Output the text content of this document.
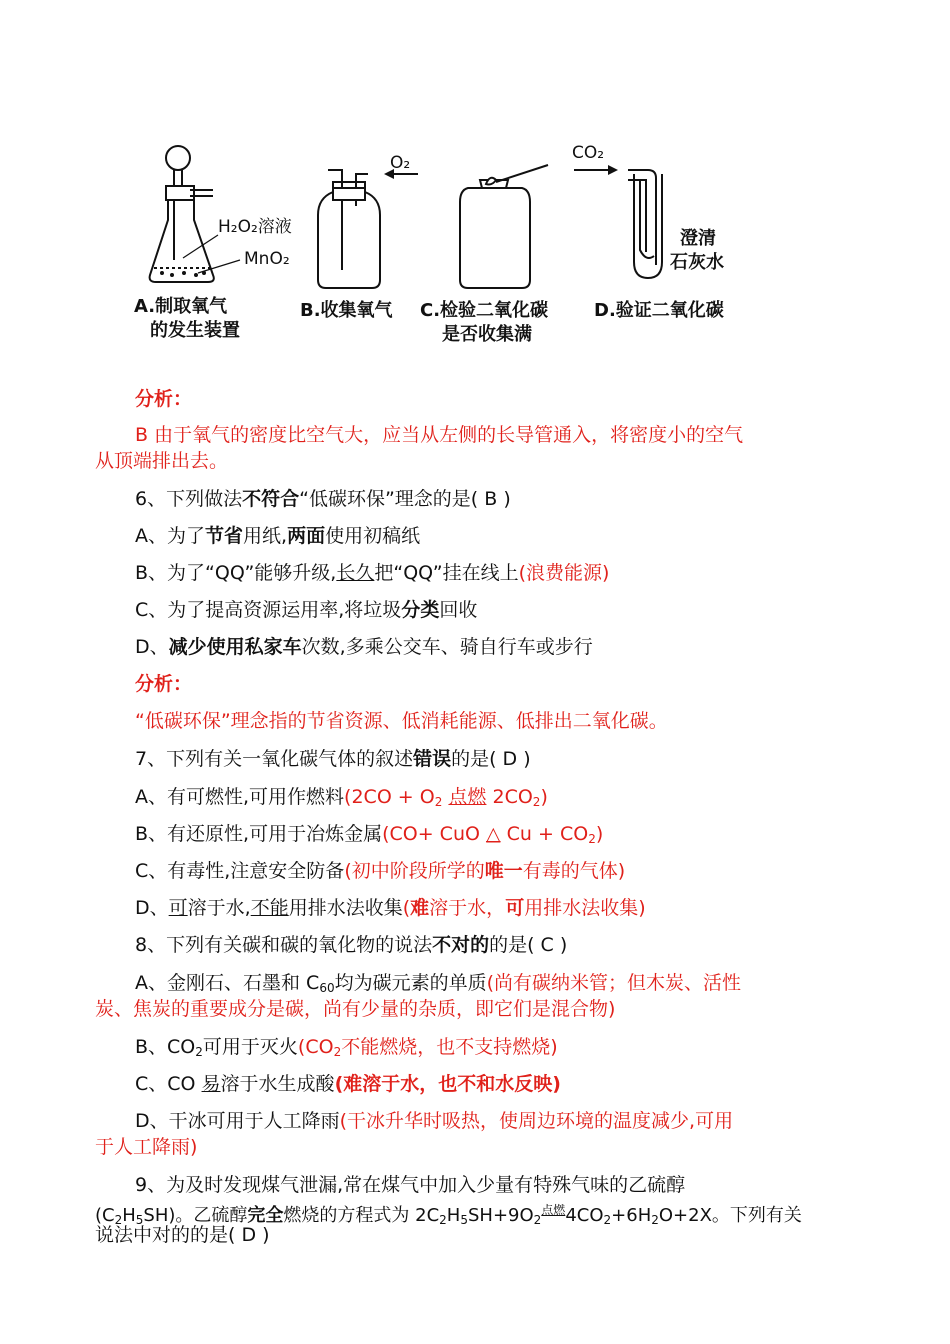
H₂O₂溶液
MnO₂
O₂	CO₂
澄清
石灰水
A.制取氧气
的发生装置
B.收集氧气 C.检验二氧化碳
是否收集满
D.验证二氧化碳
分析：
B 由于氧气的密度比空气大，应当从左侧的长导管通入，将密度小的空气
从顶端排出去。
6、下列做法不符合“低碳环保”理念的是( B )
A、为了节省用纸,两面使用初稿纸
B、为了“QQ”能够升级,长久把“QQ”挂在线上(浪费能源)
C、为了提高资源运用率,将垃圾分类回收
D、减少使用私家车次数,多乘公交车、骑自行车或步行
分析：
“低碳环保”理念指的节省资源、低消耗能源、低排出二氧化碳。
7、下列有关一氧化碳气体的叙述错误的是( D )
A、有可燃性,可用作燃料($2CO + O_2$ 点燃 $2CO_2$)
B、有还原性,可用于冶炼金属(CO+ CuO △ $Cu + CO_2$)
C、有毒性,注意安全防备(初中阶段所学的唯一有毒的气体)
D、可溶于水,不能用排水法收集(难溶于水，可用排水法收集)
8、下列有关碳和碳的氧化物的说法不对的的是( C )
A、金刚石、石墨和 $C_{60}$均为碳元素的单质(尚有碳纳米管；但木炭、活性
炭、焦炭的重要成分是碳，尚有少量的杂质，即它们是混合物)
B、$CO_2$可用于灭火($CO_2$不能燃烧，也不支持燃烧)
C、CO 易溶于水生成酸(难溶于水，也不和水反映)
D、干冰可用于人工降雨(干冰升华时吸热，使周边环境的温度减少,可用
于人工降雨)
9、为及时发现煤气泄漏,常在煤气中加入少量有特殊气味的乙硫醇
$(C_2H_5SH)$。乙硫醇完全燃烧的方程式为 $2C_2H_5SH+9O_2^{点燃}4CO_2+6H_2O+2X$。下列有关
说法中对的的是( D )
